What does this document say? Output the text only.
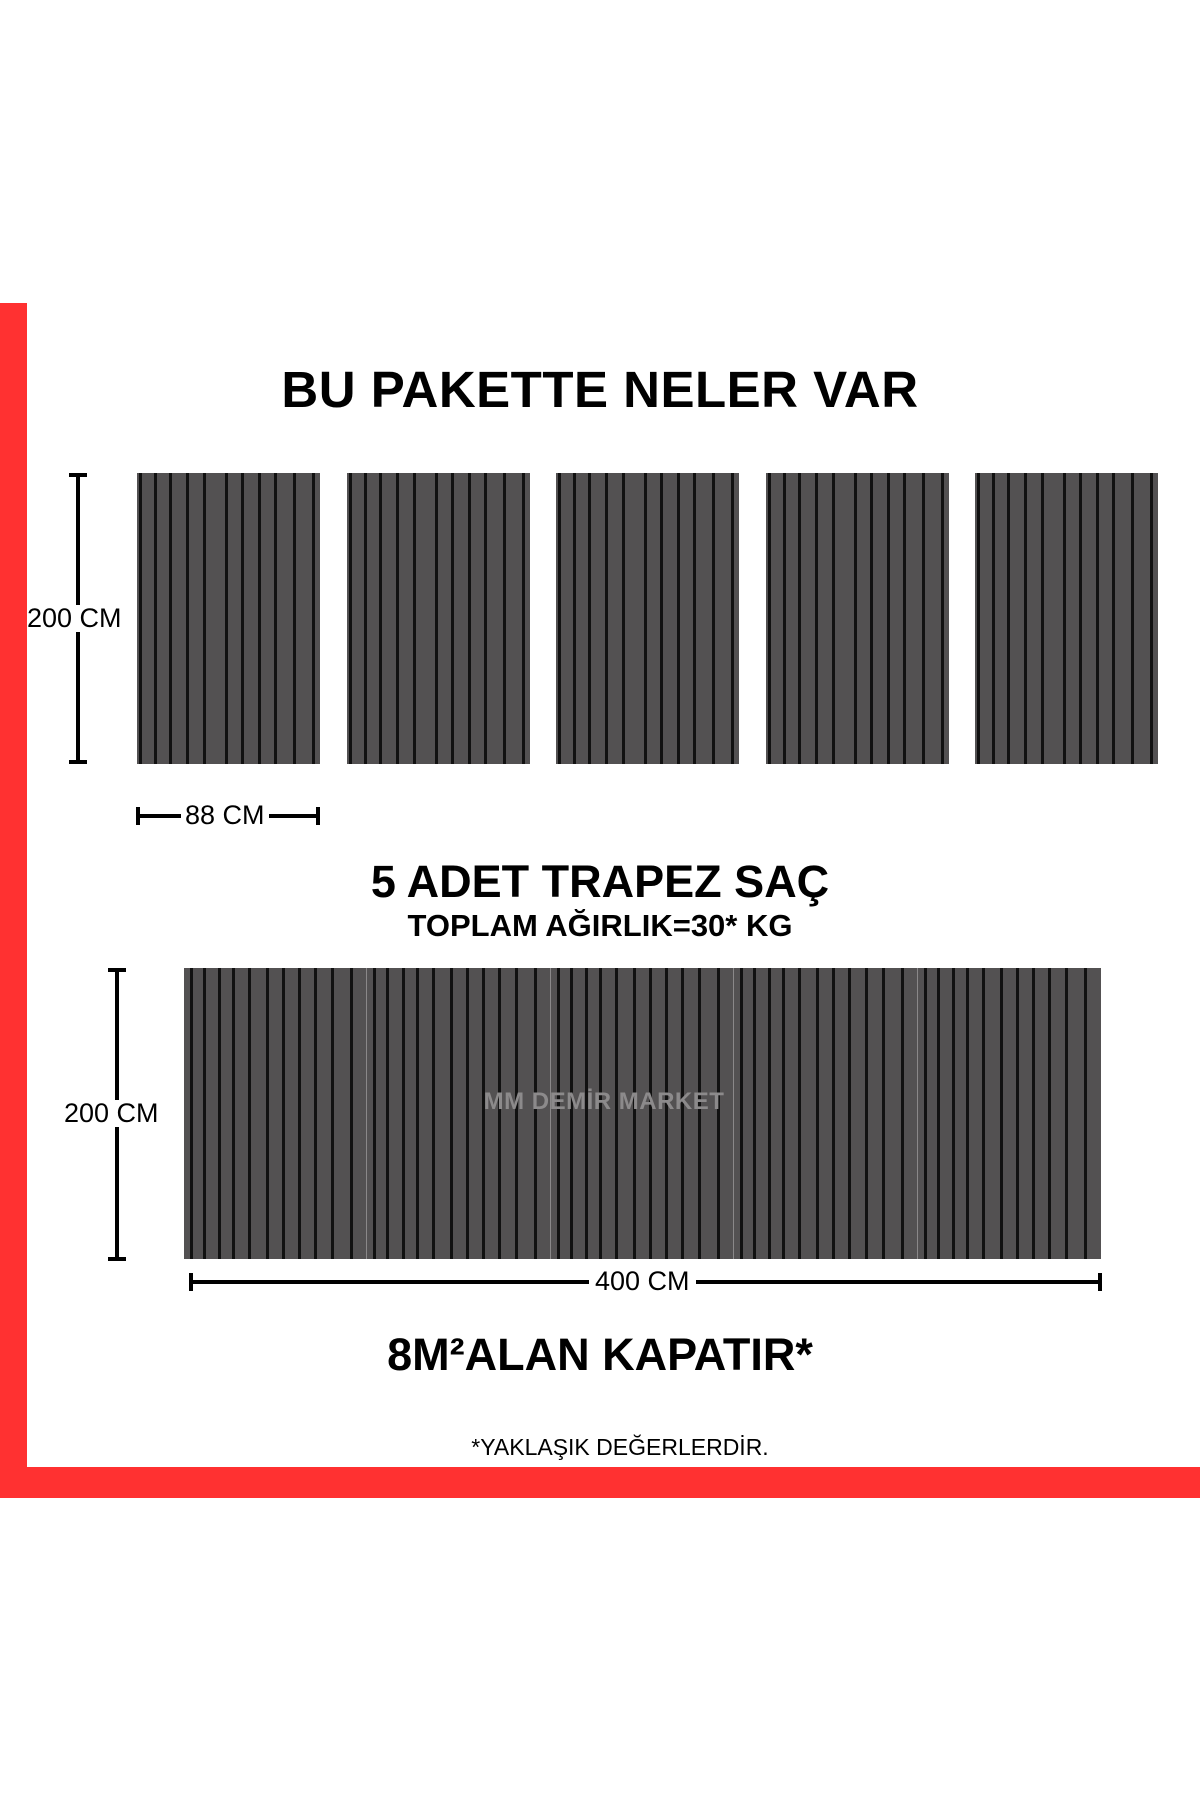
BU PAKETTE NELER VAR
MM DEMİR MARKET
200 CM
88 CM
200 CM
400 CM
5 ADET TRAPEZ SAÇ
TOPLAM AĞIRLIK=30* KG
8M²ALAN KAPATIR*
*YAKLAŞIK DEĞERLERDİR.
